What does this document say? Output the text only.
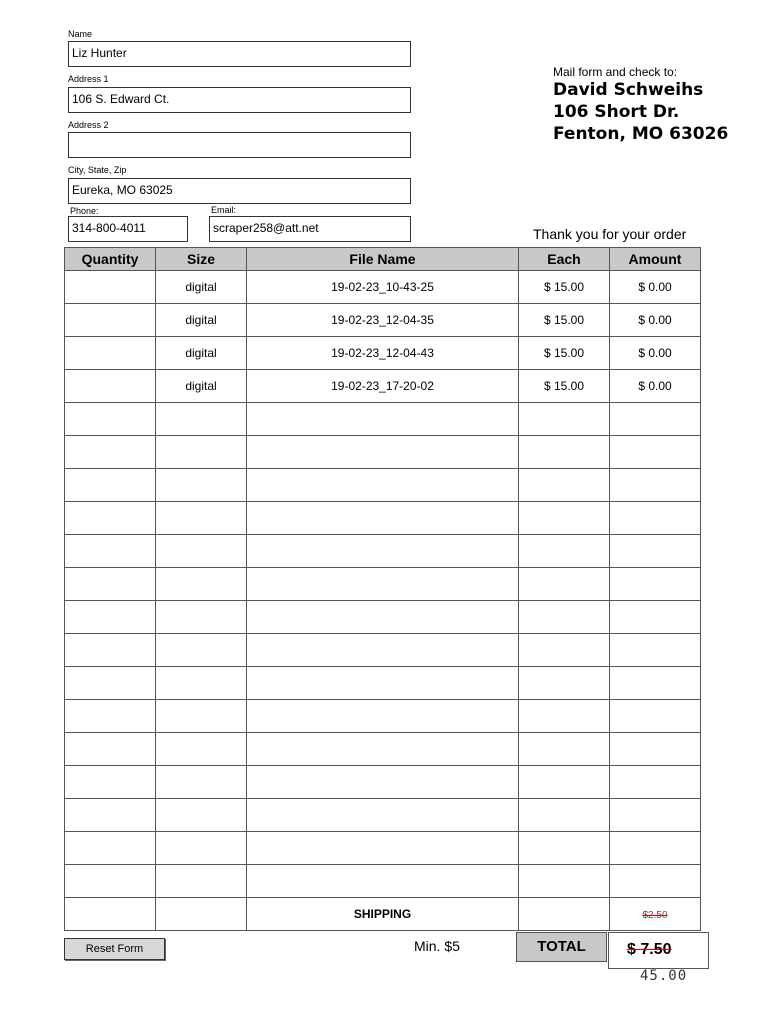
Name
Liz Hunter
Address 1
106 S. Edward Ct.
Address 2
City, State, Zip
Eureka, MO 63025
Phone:
314-800-4011
Email:
scraper258@att.net
Mail form and check to:
David Schweihs
106 Short Dr.
Fenton, MO 63026
Thank you for your order
Quantity	Size	File Name	Each	Amount
	digital	19-02-23_10-43-25	$ 15.00	$ 0.00
	digital	19-02-23_12-04-35	$ 15.00	$ 0.00
	digital	19-02-23_12-04-43	$ 15.00	$ 0.00
	digital	19-02-23_17-20-02	$ 15.00	$ 0.00

		SHIPPING		$2.50
Reset Form	Min. $5	TOTAL	$ 7.50
45.00
